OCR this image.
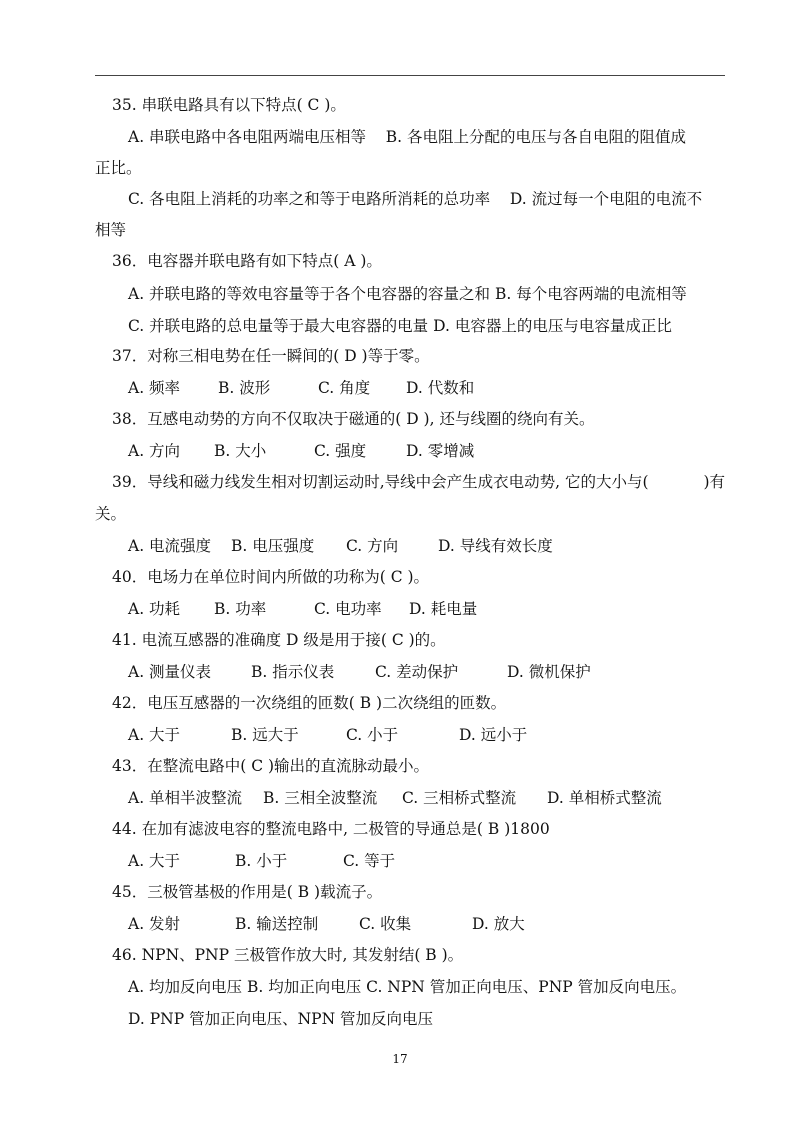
35. 串联电路具有以下特点( C )。
A. 串联电路中各电阻两端电压相等 B. 各电阻上分配的电压与各自电阻的阻值成
正比。
C. 各电阻上消耗的功率之和等于电路所消耗的总功率 D. 流过每一个电阻的电流不
相等
36．电容器并联电路有如下特点( A )。
A. 并联电路的等效电容量等于各个电容器的容量之和 B. 每个电容两端的电流相等
C. 并联电路的总电量等于最大电容器的电量 D. 电容器上的电压与电容量成正比
37．对称三相电势在任一瞬间的( D )等于零。
A. 频率 B. 波形	C. 角度 D. 代数和
38．互感电动势的方向不仅取决于磁通的( D ), 还与线圈的绕向有关。
A. 方向 B. 大小	C. 强度	D. 零增减
39．导线和磁力线发生相对切割运动时,导线中会产生成衣电动势, 它的大小与(	)有
关。
A. 电流强度 B. 电压强度 C. 方向	D. 导线有效长度
40．电场力在单位时间内所做的功称为( C )。
A. 功耗 B. 功率	C. 电功率 D. 耗电量
41. 电流互感器的准确度 D 级是用于接( C )的。
A. 测量仪表	B. 指示仪表	C. 差动保护	D. 微机保护
42．电压互感器的一次绕组的匝数( B )二次绕组的匝数。
A. 大于	B. 远大于	C. 小于	D. 远小于
43．在整流电路中( C )输出的直流脉动最小。
A. 单相半波整流 B. 三相全波整流 C. 三相桥式整流 D. 单相桥式整流
44. 在加有滤波电容的整流电路中, 二极管的导通总是( B )1800
A. 大于	B. 小于	C. 等于
45．三极管基极的作用是( B )载流子。
A. 发射	B. 输送控制	C. 收集	D. 放大
46. NPN、PNP 三极管作放大时, 其发射结( B )。
A. 均加反向电压 B. 均加正向电压 C. NPN 管加正向电压、PNP 管加反向电压。
D. PNP 管加正向电压、NPN 管加反向电压
17
